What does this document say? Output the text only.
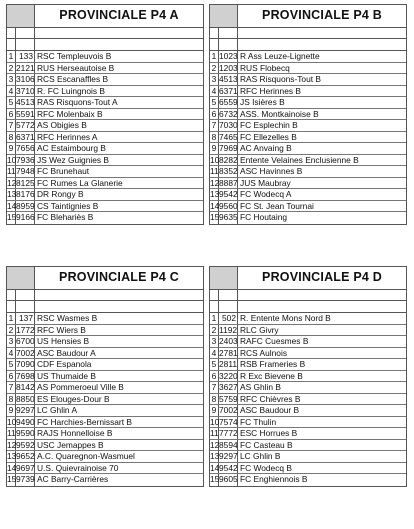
PROVINCIALE P4 A
1 133 RSC Templeuvois B
2 2121 RUS Herseautoise B
3 3106 RCS Escanaffles B
4 3710 R. FC Luingnois B
5 4513 RAS Risquons-Tout A
6 5591 RFC Molenbaix B
7 5772 AS Obigies B
8 6371 RFC Herinnes A
9 7656 AC Estaimbourg B
10 7936 JS Wez Guignies B
11 7948 FC Brunehaut
12 8125 FC Rumes La Glanerie
13 8176 DR Rongy B
14 8959 CS Taintignies B
15 9166 FC Blehariès B
PROVINCIALE P4 B
1 1023 R Ass Leuze-Lignette
2 1203 RUS Flobecq
3 4513 RAS Risquons-Tout B
4 6371 RFC Herinnes B
5 6559 JS Isières B
6 6732 ASS. Montkainoise B
7 7030 FC Esplechin B
8 7465 FC Ellezelles B
9 7969 AC Anvaing B
10 8282 Entente Velaines Enclusienne B
11 8352 ASC Havinnes B
12 8887 JUS Maubray
13 9542 FC Wodecq A
14 9560 FC St. Jean Tournai
15 9635 FC Houtaing
PROVINCIALE P4 C
1 137 RSC Wasmes B
2 1772 RFC Wiers B
3 6700 US Hensies B
4 7002 ASC Baudour A
5 7090 CDF Espanola
6 7698 US Thumaide B
7 8142 AS Pommeroeul Ville B
8 8850 ES Elouges-Dour B
9 9297 LC Ghlin A
10 9490 FC Harchies-Bernissart B
11 9590 RAJS Honnelloise B
12 9592 USC Jemappes B
13 9652 A.C. Quaregnon-Wasmuel
14 9697 U.S. Quievrainoise 70
15 9739 AC Barry-Carrières
PROVINCIALE P4 D
1 502 R. Entente Mons Nord B
2 1192 RLC Givry
3 2403 RAFC Cuesmes B
4 2781 RCS Aulnois
5 2811 RSB Frameries B
6 3220 R Exc Bievene B
7 3627 AS Ghlin B
8 5759 RFC Chièvres B
9 7002 ASC Baudour B
10 7574 FC Thulin
11 7772 ESC Horrues B
12 8594 FC Casteau B
13 9297 LC Ghlin B
14 9542 FC Wodecq B
15 9605 FC Enghiennois B
